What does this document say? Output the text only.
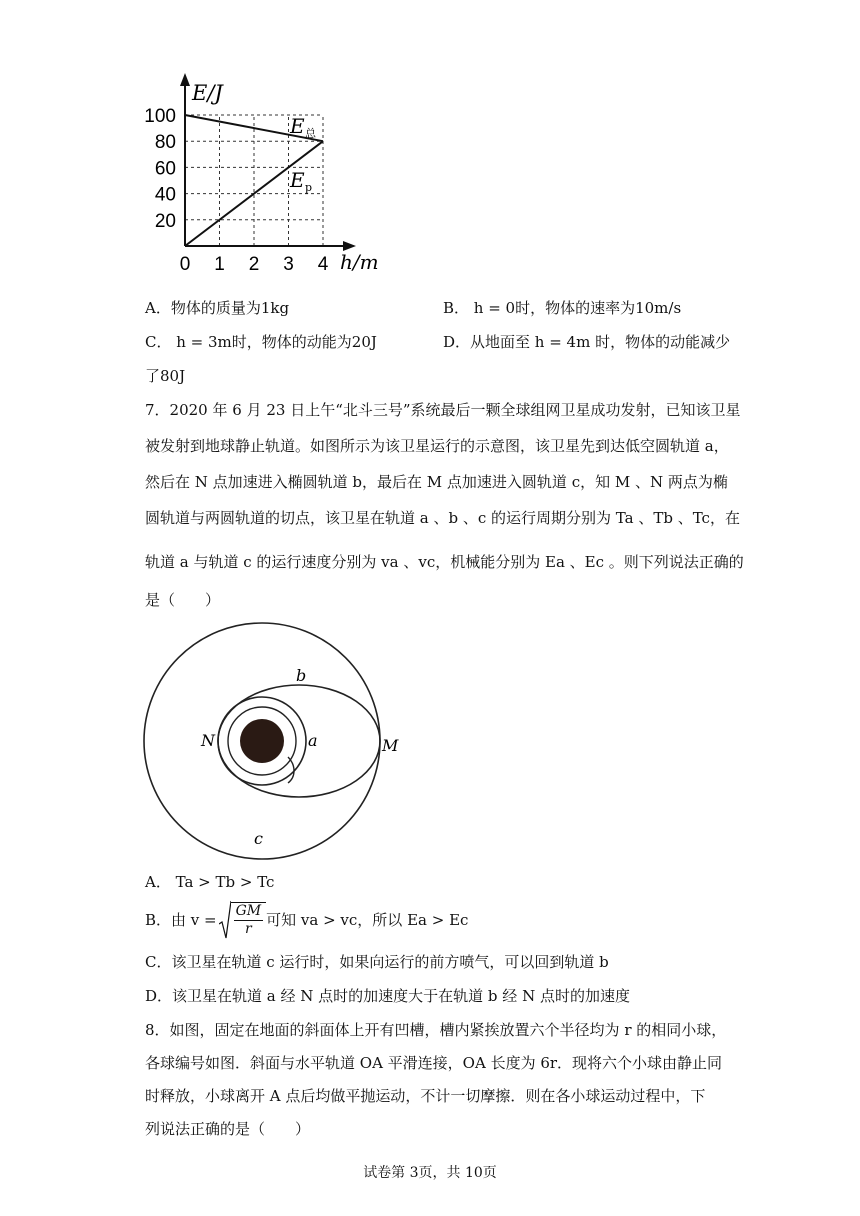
100
80
60
40
20
0 1 2 3 4
E/J
h/m
E 总
E p
A．物体的质量为1kg	B． h = 0时，物体的速率为10m/s
C． h = 3m时，物体的动能为20J	D．从地面至 h = 4m 时，物体的动能减少
了80J
7．2020 年 6 月 23 日上午“北斗三号”系统最后一颗全球组网卫星成功发射，已知该卫星
被发射到地球静止轨道。如图所示为该卫星运行的示意图，该卫星先到达低空圆轨道 a，
然后在 N 点加速进入椭圆轨道 b，最后在 M 点加速进入圆轨道 c，知 M 、N 两点为椭
圆轨道与两圆轨道的切点，该卫星在轨道 a 、b 、c 的运行周期分别为 Ta 、Tb 、Tc，在
轨道 a 与轨道 c 的运行速度分别为 va 、vc，机械能分别为 Ea 、Ec 。则下列说法正确的
是（　　）
b
N	a	M
c
A． Ta > Tb > Tc
B．由 $v = \frac{GM}{r}$ 可知 va > vc，所以 Ea > Ec
C．该卫星在轨道 c 运行时，如果向运行的前方喷气，可以回到轨道 b
D．该卫星在轨道 a 经 N 点时的加速度大于在轨道 b 经 N 点时的加速度
8．如图，固定在地面的斜面体上开有凹槽，槽内紧挨放置六个半径均为 r 的相同小球，
各球编号如图．斜面与水平轨道 OA 平滑连接，OA 长度为 6r．现将六个小球由静止同
时释放，小球离开 A 点后均做平抛运动，不计一切摩擦．则在各小球运动过程中，下
列说法正确的是（　　）
试卷第 3页，共 10页
